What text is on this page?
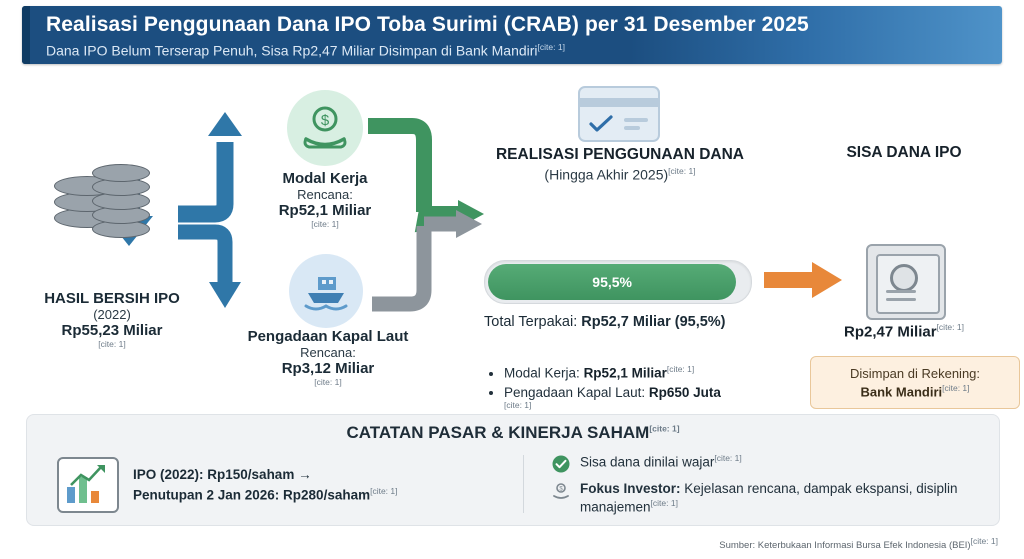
Realisasi Penggunaan Dana IPO Toba Surimi (CRAB) per 31 Desember 2025
Dana IPO Belum Terserap Penuh, Sisa Rp2,47 Miliar Disimpan di Bank Mandiri[cite: 1]
HASIL BERSIH IPO
(2022)
Rp55,23 Miliar
[cite: 1]
$
Modal Kerja
Rencana:
Rp52,1 Miliar
[cite: 1]
Pengadaan Kapal Laut
Rencana:
Rp3,12 Miliar
[cite: 1]
REALISASI PENGGUNAAN DANA
(Hingga Akhir 2025)[cite: 1]
95,5%
Total Terpakai: Rp52,7 Miliar (95,5%)
• Modal Kerja: Rp52,1 Miliar[cite: 1]
• Pengadaan Kapal Laut: Rp650 Juta
[cite: 1]
SISA DANA IPO
Rp2,47 Miliar[cite: 1]
Disimpan di Rekening:
Bank Mandiri[cite: 1]
CATATAN PASAR & KINERJA SAHAM[cite: 1]
IPO (2022): Rp150/saham →
Penutupan 2 Jan 2026: Rp280/saham[cite: 1]
Sisa dana dinilai wajar[cite: 1]
$ Fokus Investor: Kejelasan rencana, dampak ekspansi, disiplin manajemen[cite: 1]
Sumber: Keterbukaan Informasi Bursa Efek Indonesia (BEI)[cite: 1]
